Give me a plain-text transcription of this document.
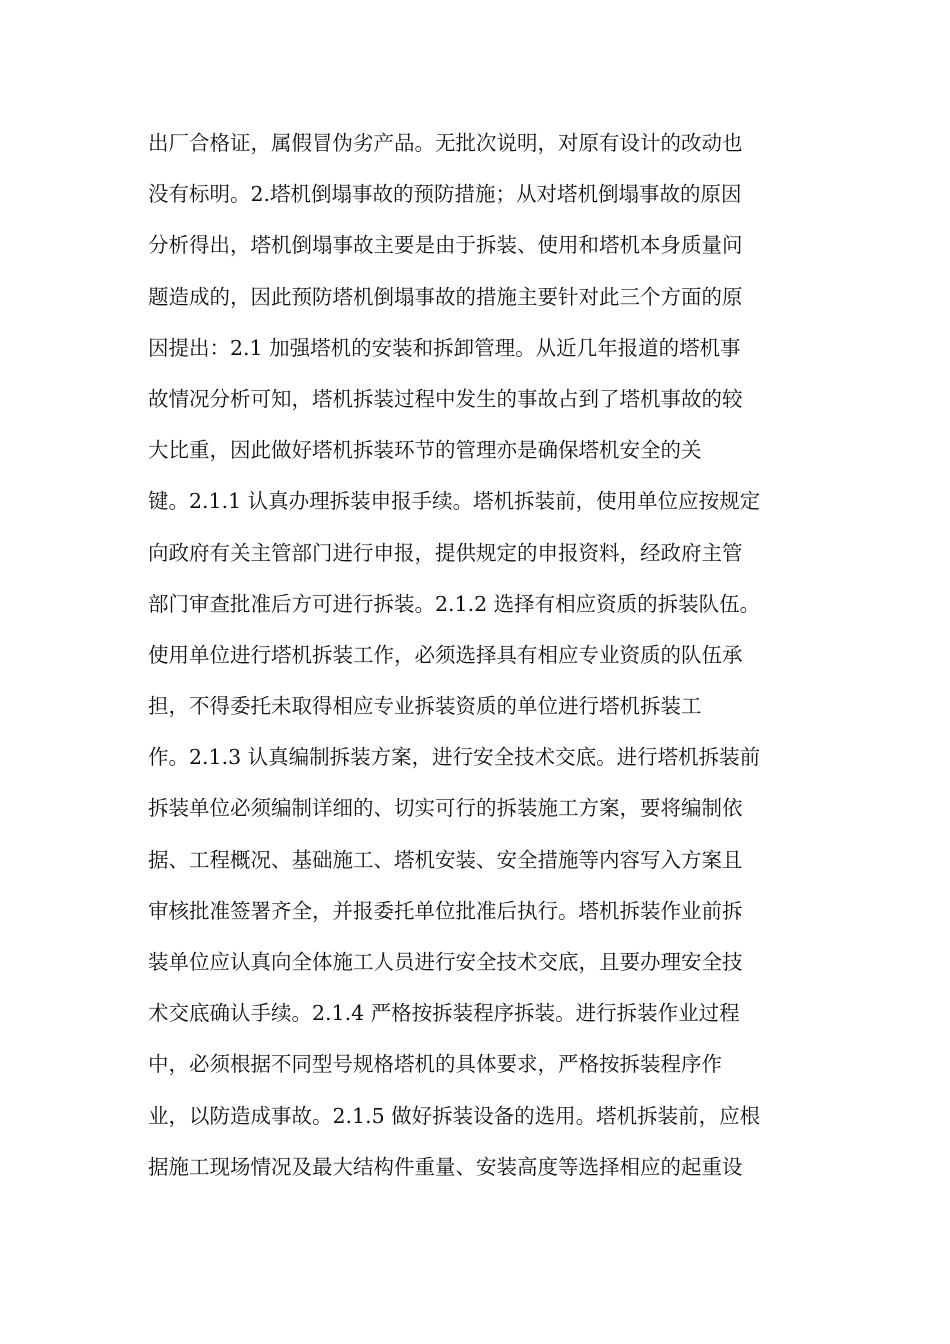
出厂合格证，属假冒伪劣产品。无批次说明，对原有设计的改动也
没有标明。2.塔机倒塌事故的预防措施；从对塔机倒塌事故的原因
分析得出，塔机倒塌事故主要是由于拆装、使用和塔机本身质量问
题造成的，因此预防塔机倒塌事故的措施主要针对此三个方面的原
因提出：2.1 加强塔机的安装和拆卸管理。从近几年报道的塔机事
故情况分析可知，塔机拆装过程中发生的事故占到了塔机事故的较
大比重，因此做好塔机拆装环节的管理亦是确保塔机安全的关
键。2.1.1 认真办理拆装申报手续。塔机拆装前，使用单位应按规定
向政府有关主管部门进行申报，提供规定的申报资料，经政府主管
部门审查批准后方可进行拆装。2.1.2 选择有相应资质的拆装队伍。
使用单位进行塔机拆装工作，必须选择具有相应专业资质的队伍承
担，不得委托未取得相应专业拆装资质的单位进行塔机拆装工
作。2.1.3 认真编制拆装方案，进行安全技术交底。进行塔机拆装前
拆装单位必须编制详细的、切实可行的拆装施工方案，要将编制依
据、工程概况、基础施工、塔机安装、安全措施等内容写入方案且
审核批准签署齐全，并报委托单位批准后执行。塔机拆装作业前拆
装单位应认真向全体施工人员进行安全技术交底，且要办理安全技
术交底确认手续。2.1.4 严格按拆装程序拆装。进行拆装作业过程
中，必须根据不同型号规格塔机的具体要求，严格按拆装程序作
业，以防造成事故。2.1.5 做好拆装设备的选用。塔机拆装前，应根
据施工现场情况及最大结构件重量、安装高度等选择相应的起重设
